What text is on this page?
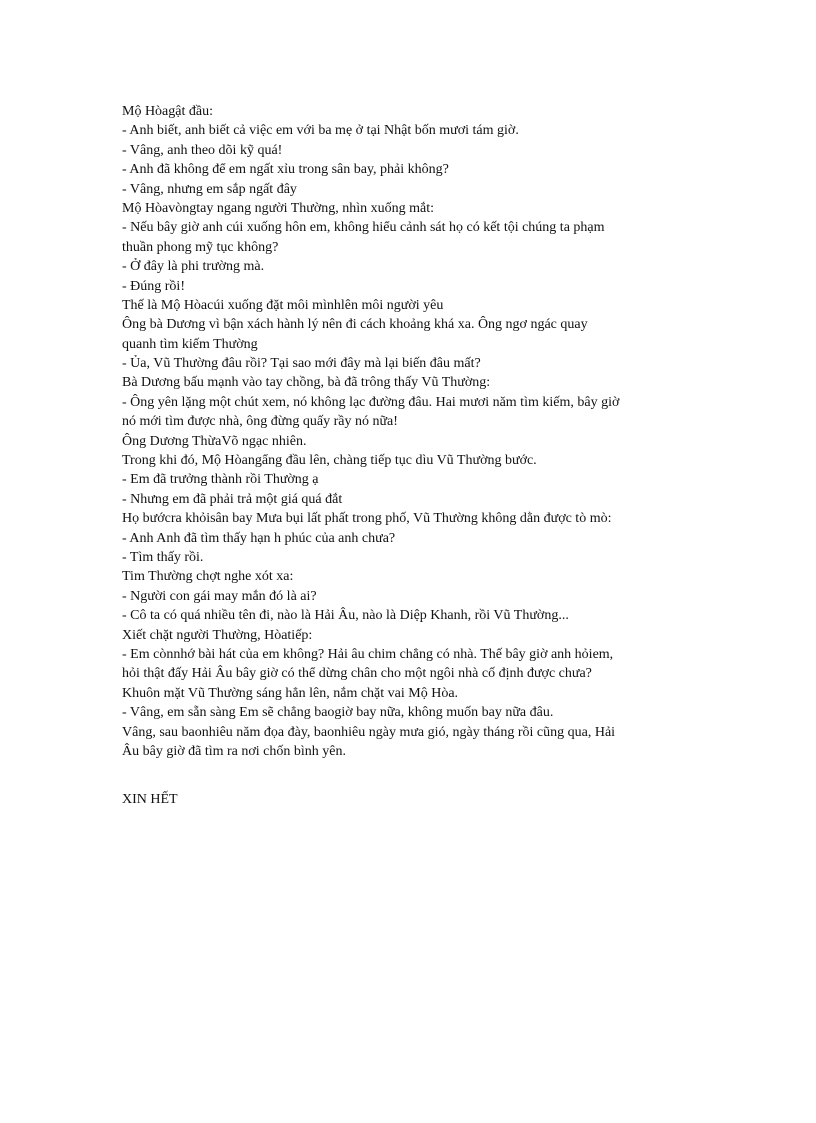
Mộ Hòagật đầu:
- Anh biết, anh biết cả việc em với ba mẹ ở tại Nhật bốn mươi tám giờ.
- Vâng, anh theo dõi kỹ quá!
- Anh đã không để em ngất xỉu trong sân bay, phải không?
- Vâng, nhưng em sắp ngất đây
Mộ Hòavòngtay ngang người Thường, nhìn xuống mắt:
- Nếu bây giờ anh cúi xuống hôn em, không hiểu cảnh sát họ có kết tội chúng ta phạm
thuần phong mỹ tục không?
- Ở đây là phi trường mà.
- Đúng rồi!
Thế là Mộ Hòacúi xuống đặt môi mìnhlên môi người yêu
Ông bà Dương vì bận xách hành lý nên đi cách khoảng khá xa. Ông ngơ ngác quay
quanh tìm kiếm Thường
- Ủa, Vũ Thường đâu rồi? Tại sao mới đây mà lại biến đâu mất?
Bà Dương bấu mạnh vào tay chồng, bà đã trông thấy Vũ Thường:
- Ông yên lặng một chút xem, nó không lạc đường đâu. Hai mươi năm tìm kiếm, bây giờ
nó mới tìm được nhà, ông đừng quấy rầy nó nữa!
Ông Dương ThừaVõ ngạc nhiên.
Trong khi đó, Mộ Hòangẩng đầu lên, chàng tiếp tục dìu Vũ Thường bước.
- Em đã trưởng thành rồi Thường ạ
- Nhưng em đã phải trả một giá quá đắt
Họ bướcra khỏisân bay Mưa bụi lất phất trong phố, Vũ Thường không dằn được tò mò:
- Anh Anh đã tìm thấy hạn h phúc của anh chưa?
- Tìm thấy rồi.
Tim Thường chợt nghe xót xa:
- Người con gái may mắn đó là ai?
- Cô ta có quá nhiều tên đi, nào là Hải Âu, nào là Diệp Khanh, rồi Vũ Thường...
Xiết chặt người Thường, Hòatiếp:
- Em cònnhớ bài hát của em không? Hải âu chim chẳng có nhà. Thế bây giờ anh hỏiem,
hỏi thật đấy Hải Âu bây giờ có thể dừng chân cho một ngôi nhà cố định được chưa?
Khuôn mặt Vũ Thường sáng hẳn lên, nắm chặt vai Mộ Hòa.
- Vâng, em sẵn sàng Em sẽ chẳng baogiờ bay nữa, không muốn bay nữa đâu.
Vâng, sau baonhiêu năm đọa đày, baonhiêu ngày mưa gió, ngày tháng rồi cũng qua, Hải
Âu bây giờ đã tìm ra nơi chốn bình yên.
XIN HẾT
